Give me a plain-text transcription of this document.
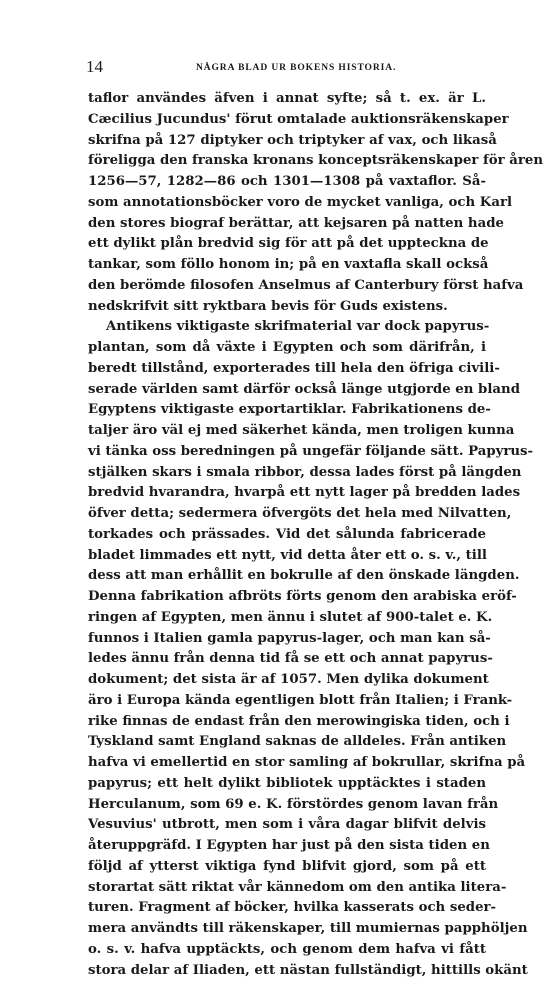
14	NÅGRA BLAD UR BOKENS HISTORIA.
taflor användes äfven i annat syfte; så t. ex. är L.
Cæcilius Jucundus' förut omtalade auktionsräkenskaper
skrifna på 127 diptyker och triptyker af vax, och likaså
föreligga den franska kronans konceptsräkenskaper för åren
1256—57, 1282—86 och 1301—1308 på vaxtaflor. Så-
som annotationsböcker voro de mycket vanliga, och Karl
den stores biograf berättar, att kejsaren på natten hade
ett dylikt plån bredvid sig för att på det uppteckna de
tankar, som föllo honom in; på en vaxtafla skall också
den berömde filosofen Anselmus af Canterbury först hafva
nedskrifvit sitt ryktbara bevis för Guds existens.
Antikens viktigaste skrifmaterial var dock papyrus-
plantan, som då växte i Egypten och som därifrån, i
beredt tillstånd, exporterades till hela den öfriga civili-
serade världen samt därför också länge utgjorde en bland
Egyptens viktigaste exportartiklar. Fabrikationens de-
taljer äro väl ej med säkerhet kända, men troligen kunna
vi tänka oss beredningen på ungefär följande sätt. Papyrus-
stjälken skars i smala ribbor, dessa lades först på längden
bredvid hvarandra, hvarpå ett nytt lager på bredden lades
öfver detta; sedermera öfvergöts det hela med Nilvatten,
torkades och prässades. Vid det sålunda fabricerade
bladet limmades ett nytt, vid detta åter ett o. s. v., till
dess att man erhållit en bokrulle af den önskade längden.
Denna fabrikation afbröts förts genom den arabiska eröf-
ringen af Egypten, men ännu i slutet af 900-talet e. K.
funnos i Italien gamla papyrus-lager, och man kan så-
ledes ännu från denna tid få se ett och annat papyrus-
dokument; det sista är af 1057. Men dylika dokument
äro i Europa kända egentligen blott från Italien; i Frank-
rike finnas de endast från den merowingiska tiden, och i
Tyskland samt England saknas de alldeles. Från antiken
hafva vi emellertid en stor samling af bokrullar, skrifna på
papyrus; ett helt dylikt bibliotek upptäcktes i staden
Herculanum, som 69 e. K. förstördes genom lavan från
Vesuvius' utbrott, men som i våra dagar blifvit delvis
återuppgräfd. I Egypten har just på den sista tiden en
följd af ytterst viktiga fynd blifvit gjord, som på ett
storartat sätt riktat vår kännedom om den antika litera-
turen. Fragment af böcker, hvilka kasserats och seder-
mera användts till räkenskaper, till mumiernas papphöljen
o. s. v. hafva upptäckts, och genom dem hafva vi fått
stora delar af Iliaden, ett nästan fullständigt, hittills okänt
